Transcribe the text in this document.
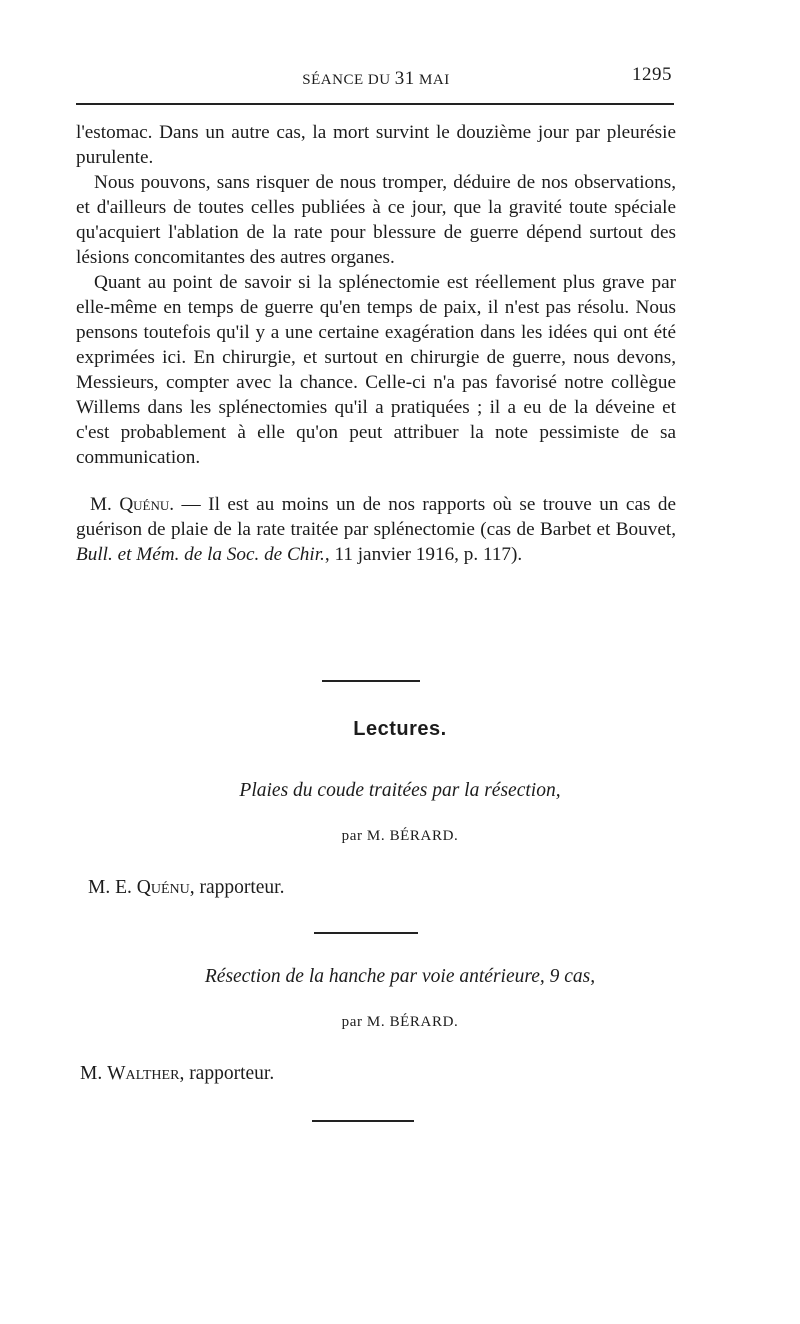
SÉANCE DU 31 MAI	1295

l'estomac. Dans un autre cas, la mort survint le douzième jour par pleurésie purulente.

Nous pouvons, sans risquer de nous tromper, déduire de nos observations, et d'ailleurs de toutes celles publiées à ce jour, que la gravité toute spéciale qu'acquiert l'ablation de la rate pour blessure de guerre dépend surtout des lésions concomitantes des autres organes.

Quant au point de savoir si la splénectomie est réellement plus grave par elle-même en temps de guerre qu'en temps de paix, il n'est pas résolu. Nous pensons toutefois qu'il y a une certaine exagération dans les idées qui ont été exprimées ici. En chirurgie, et surtout en chirurgie de guerre, nous devons, Messieurs, compter avec la chance. Celle-ci n'a pas favorisé notre collègue Willems dans les splénectomies qu'il a pratiquées ; il a eu de la déveine et c'est probablement à elle qu'on peut attribuer la note pessimiste de sa communication.

M. Quénu. — Il est au moins un de nos rapports où se trouve un cas de guérison de plaie de la rate traitée par splénectomie (cas de Barbet et Bouvet, Bull. et Mém. de la Soc. de Chir., 11 janvier 1916, p. 117).

Lectures.
Plaies du coude traitées par la résection,
par M. BÉRARD.
M. E. Quénu, rapporteur.
Résection de la hanche par voie antérieure, 9 cas,
par M. BÉRARD.
M. Walther, rapporteur.
